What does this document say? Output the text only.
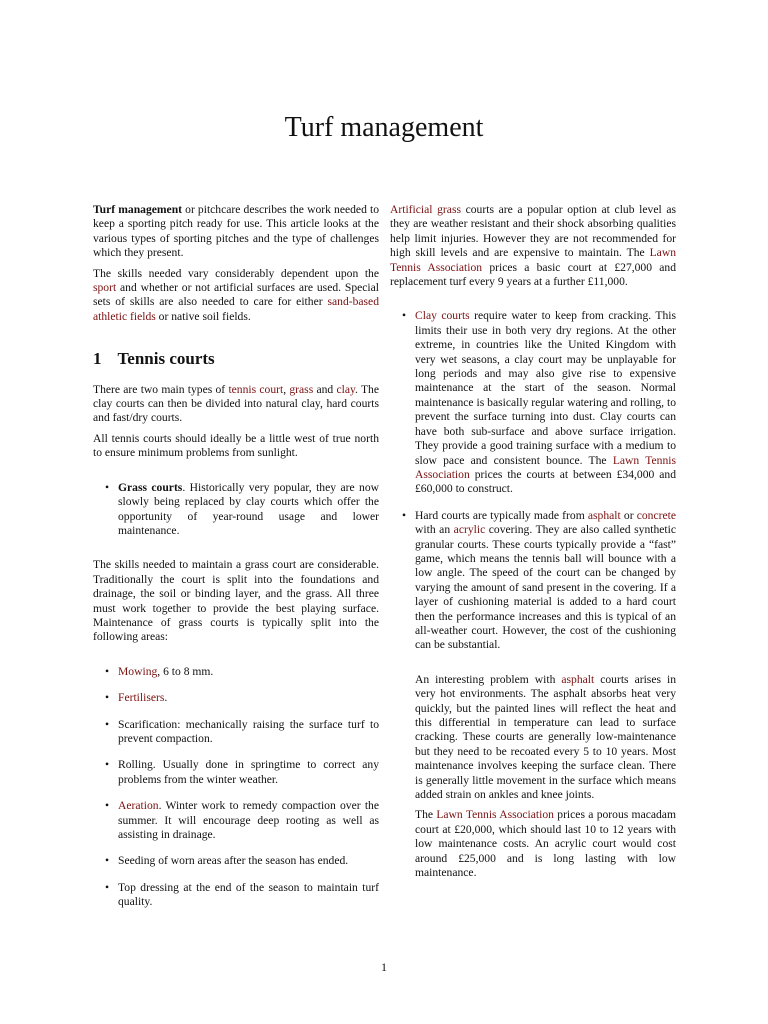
Turf management

Turf management or pitchcare describes the work needed to keep a sporting pitch ready for use. This article looks at the various types of sporting pitches and the type of challenges which they present.

The skills needed vary considerably dependent upon the sport and whether or not artificial surfaces are used. Special sets of skills are also needed to care for either sand-based athletic fields or native soil fields.

1 Tennis courts

There are two main types of tennis court, grass and clay. The clay courts can then be divided into natural clay, hard courts and fast/dry courts.

All tennis courts should ideally be a little west of true north to ensure minimum problems from sunlight.

• Grass courts. Historically very popular, they are now slowly being replaced by clay courts which offer the opportunity of year-round usage and lower maintenance.

The skills needed to maintain a grass court are considerable. Traditionally the court is split into the foundations and drainage, the soil or binding layer, and the grass. All three must work together to provide the best playing surface. Maintenance of grass courts is typically split into the following areas:

• Mowing, 6 to 8 mm.
• Fertilisers.
• Scarification: mechanically raising the surface turf to prevent compaction.
• Rolling. Usually done in springtime to correct any problems from the winter weather.
• Aeration. Winter work to remedy compaction over the summer. It will encourage deep rooting as well as assisting in drainage.
• Seeding of worn areas after the season has ended.
• Top dressing at the end of the season to maintain turf quality.

Artificial grass courts are a popular option at club level as they are weather resistant and their shock absorbing qualities help limit injuries. However they are not recommended for high skill levels and are expensive to maintain. The Lawn Tennis Association prices a basic court at £27,000 and replacement turf every 9 years at a further £11,000.

• Clay courts require water to keep from cracking. This limits their use in both very dry regions. At the other extreme, in countries like the United Kingdom with very wet seasons, a clay court may be unplayable for long periods and may also give rise to expensive maintenance at the start of the season. Normal maintenance is basically regular watering and rolling, to prevent the surface turning into dust. Clay courts can have both sub-surface and above surface irrigation. They provide a good training surface with a medium to slow pace and consistent bounce. The Lawn Tennis Association prices the courts at between £34,000 and £60,000 to construct.
• Hard courts are typically made from asphalt or concrete with an acrylic covering. They are also called synthetic granular courts. These courts typically provide a “fast” game, which means the tennis ball will bounce with a low angle. The speed of the court can be changed by varying the amount of sand present in the covering. If a layer of cushioning material is added to a hard court then the performance increases and this is typical of an all-weather court. However, the cost of the cushioning can be substantial.

An interesting problem with asphalt courts arises in very hot environments. The asphalt absorbs heat very quickly, but the painted lines will reflect the heat and this differential in temperature can lead to surface cracking. These courts are generally low-maintenance but they need to be recoated every 5 to 10 years. Most maintenance involves keeping the surface clean. There is generally little movement in the surface which means added strain on ankles and knee joints.

The Lawn Tennis Association prices a porous macadam court at £20,000, which should last 10 to 12 years with low maintenance costs. An acrylic court would cost around £25,000 and is long lasting with low maintenance.

1
